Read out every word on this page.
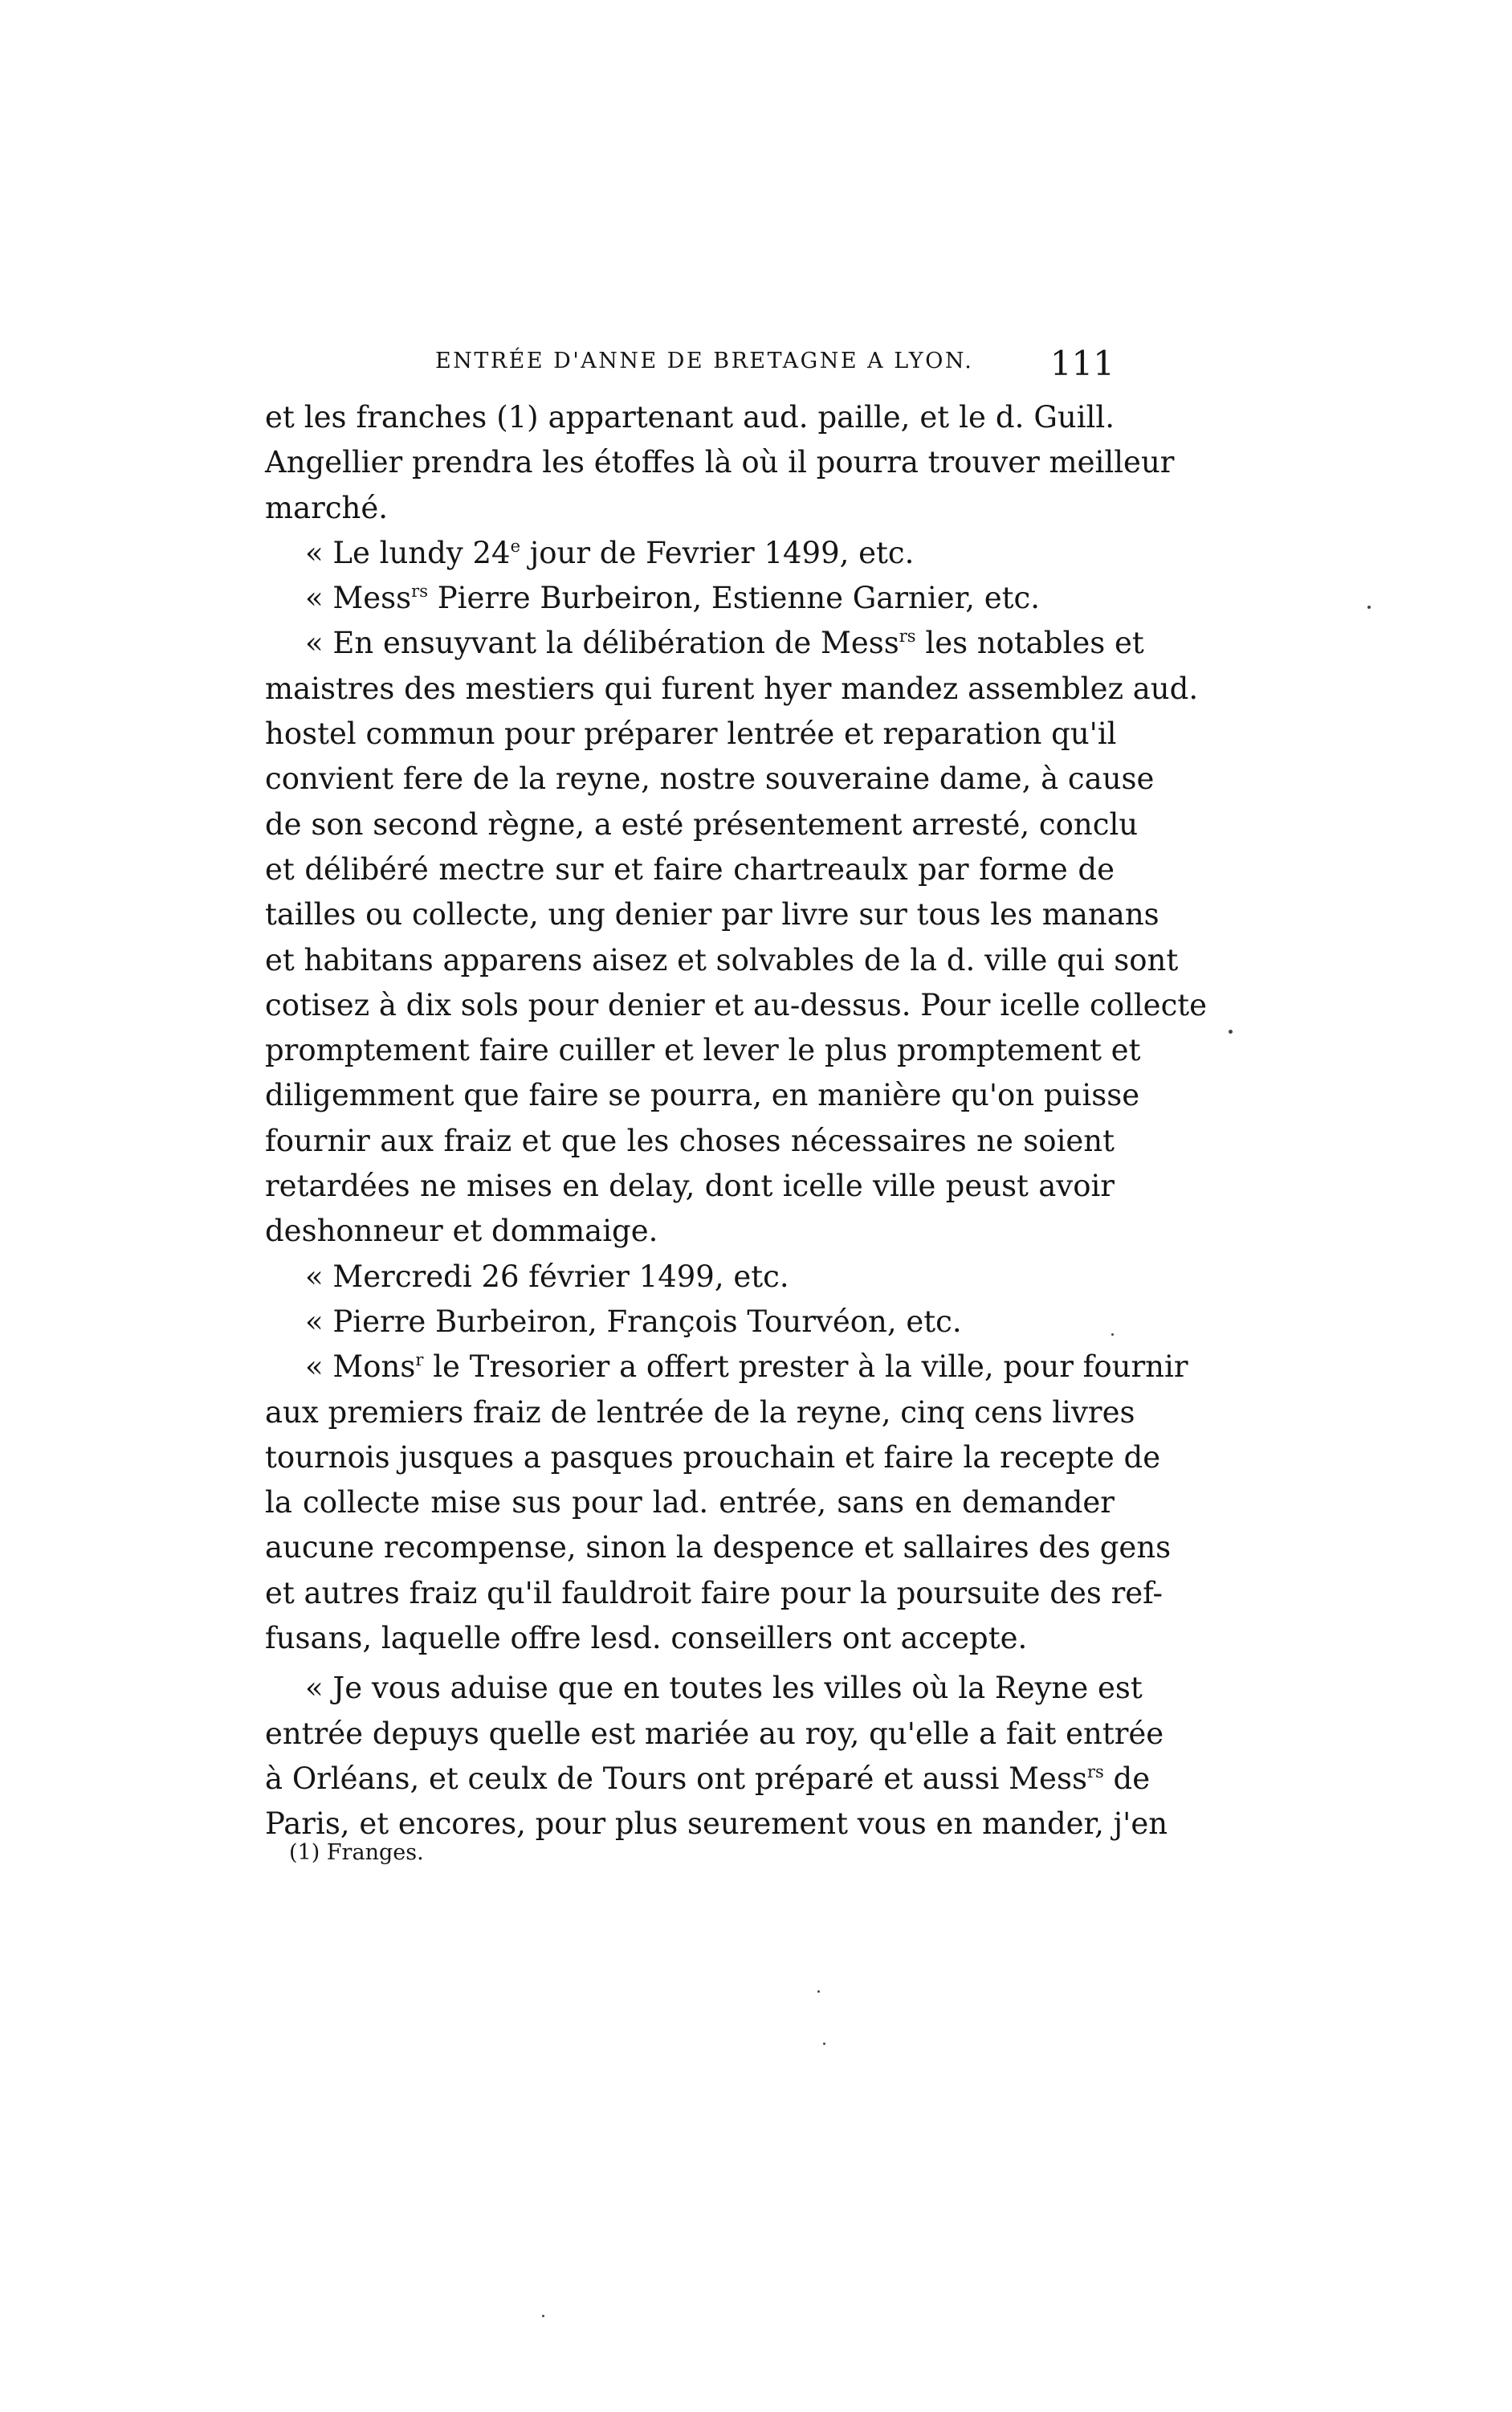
ENTRÉE D'ANNE DE BRETAGNE A LYON. 111
et les franches (1) appartenant aud. paille, et le d. Guill.
Angellier prendra les étoffes là où il pourra trouver meilleur
marché.
« Le lundy 24e jour de Fevrier 1499, etc.
« Mess$^{rs}$ Pierre Burbeiron, Estienne Garnier, etc.
« En ensuyvant la délibération de Mess$^{rs}$ les notables et
maistres des mestiers qui furent hyer mandez assemblez aud.
hostel commun pour préparer lentrée et reparation qu'il
convient fere de la reyne, nostre souveraine dame, à cause
de son second règne, a esté présentement arresté, conclu
et délibéré mectre sur et faire chartreaulx par forme de
tailles ou collecte, ung denier par livre sur tous les manans
et habitans apparens aisez et solvables de la d. ville qui sont
cotisez à dix sols pour denier et au-dessus. Pour icelle collecte
promptement faire cuiller et lever le plus promptement et
diligemment que faire se pourra, en manière qu'on puisse
fournir aux fraiz et que les choses nécessaires ne soient
retardées ne mises en delay, dont icelle ville peust avoir
deshonneur et dommaige.
« Mercredi 26 février 1499, etc.
« Pierre Burbeiron, François Tourvéon, etc.
« Mons$^r$ le Tresorier a offert prester à la ville, pour fournir
aux premiers fraiz de lentrée de la reyne, cinq cens livres
tournois jusques a pasques prouchain et faire la recepte de
la collecte mise sus pour lad. entrée, sans en demander
aucune recompense, sinon la despence et sallaires des gens
et autres fraiz qu'il fauldroit faire pour la poursuite des ref-
fusans, laquelle offre lesd. conseillers ont accepte.
« Je vous aduise que en toutes les villes où la Reyne est
entrée depuys quelle est mariée au roy, qu'elle a fait entrée
à Orléans, et ceulx de Tours ont préparé et aussi Mess$^{rs}$ de
Paris, et encores, pour plus seurement vous en mander, j'en
(1) Franges.
